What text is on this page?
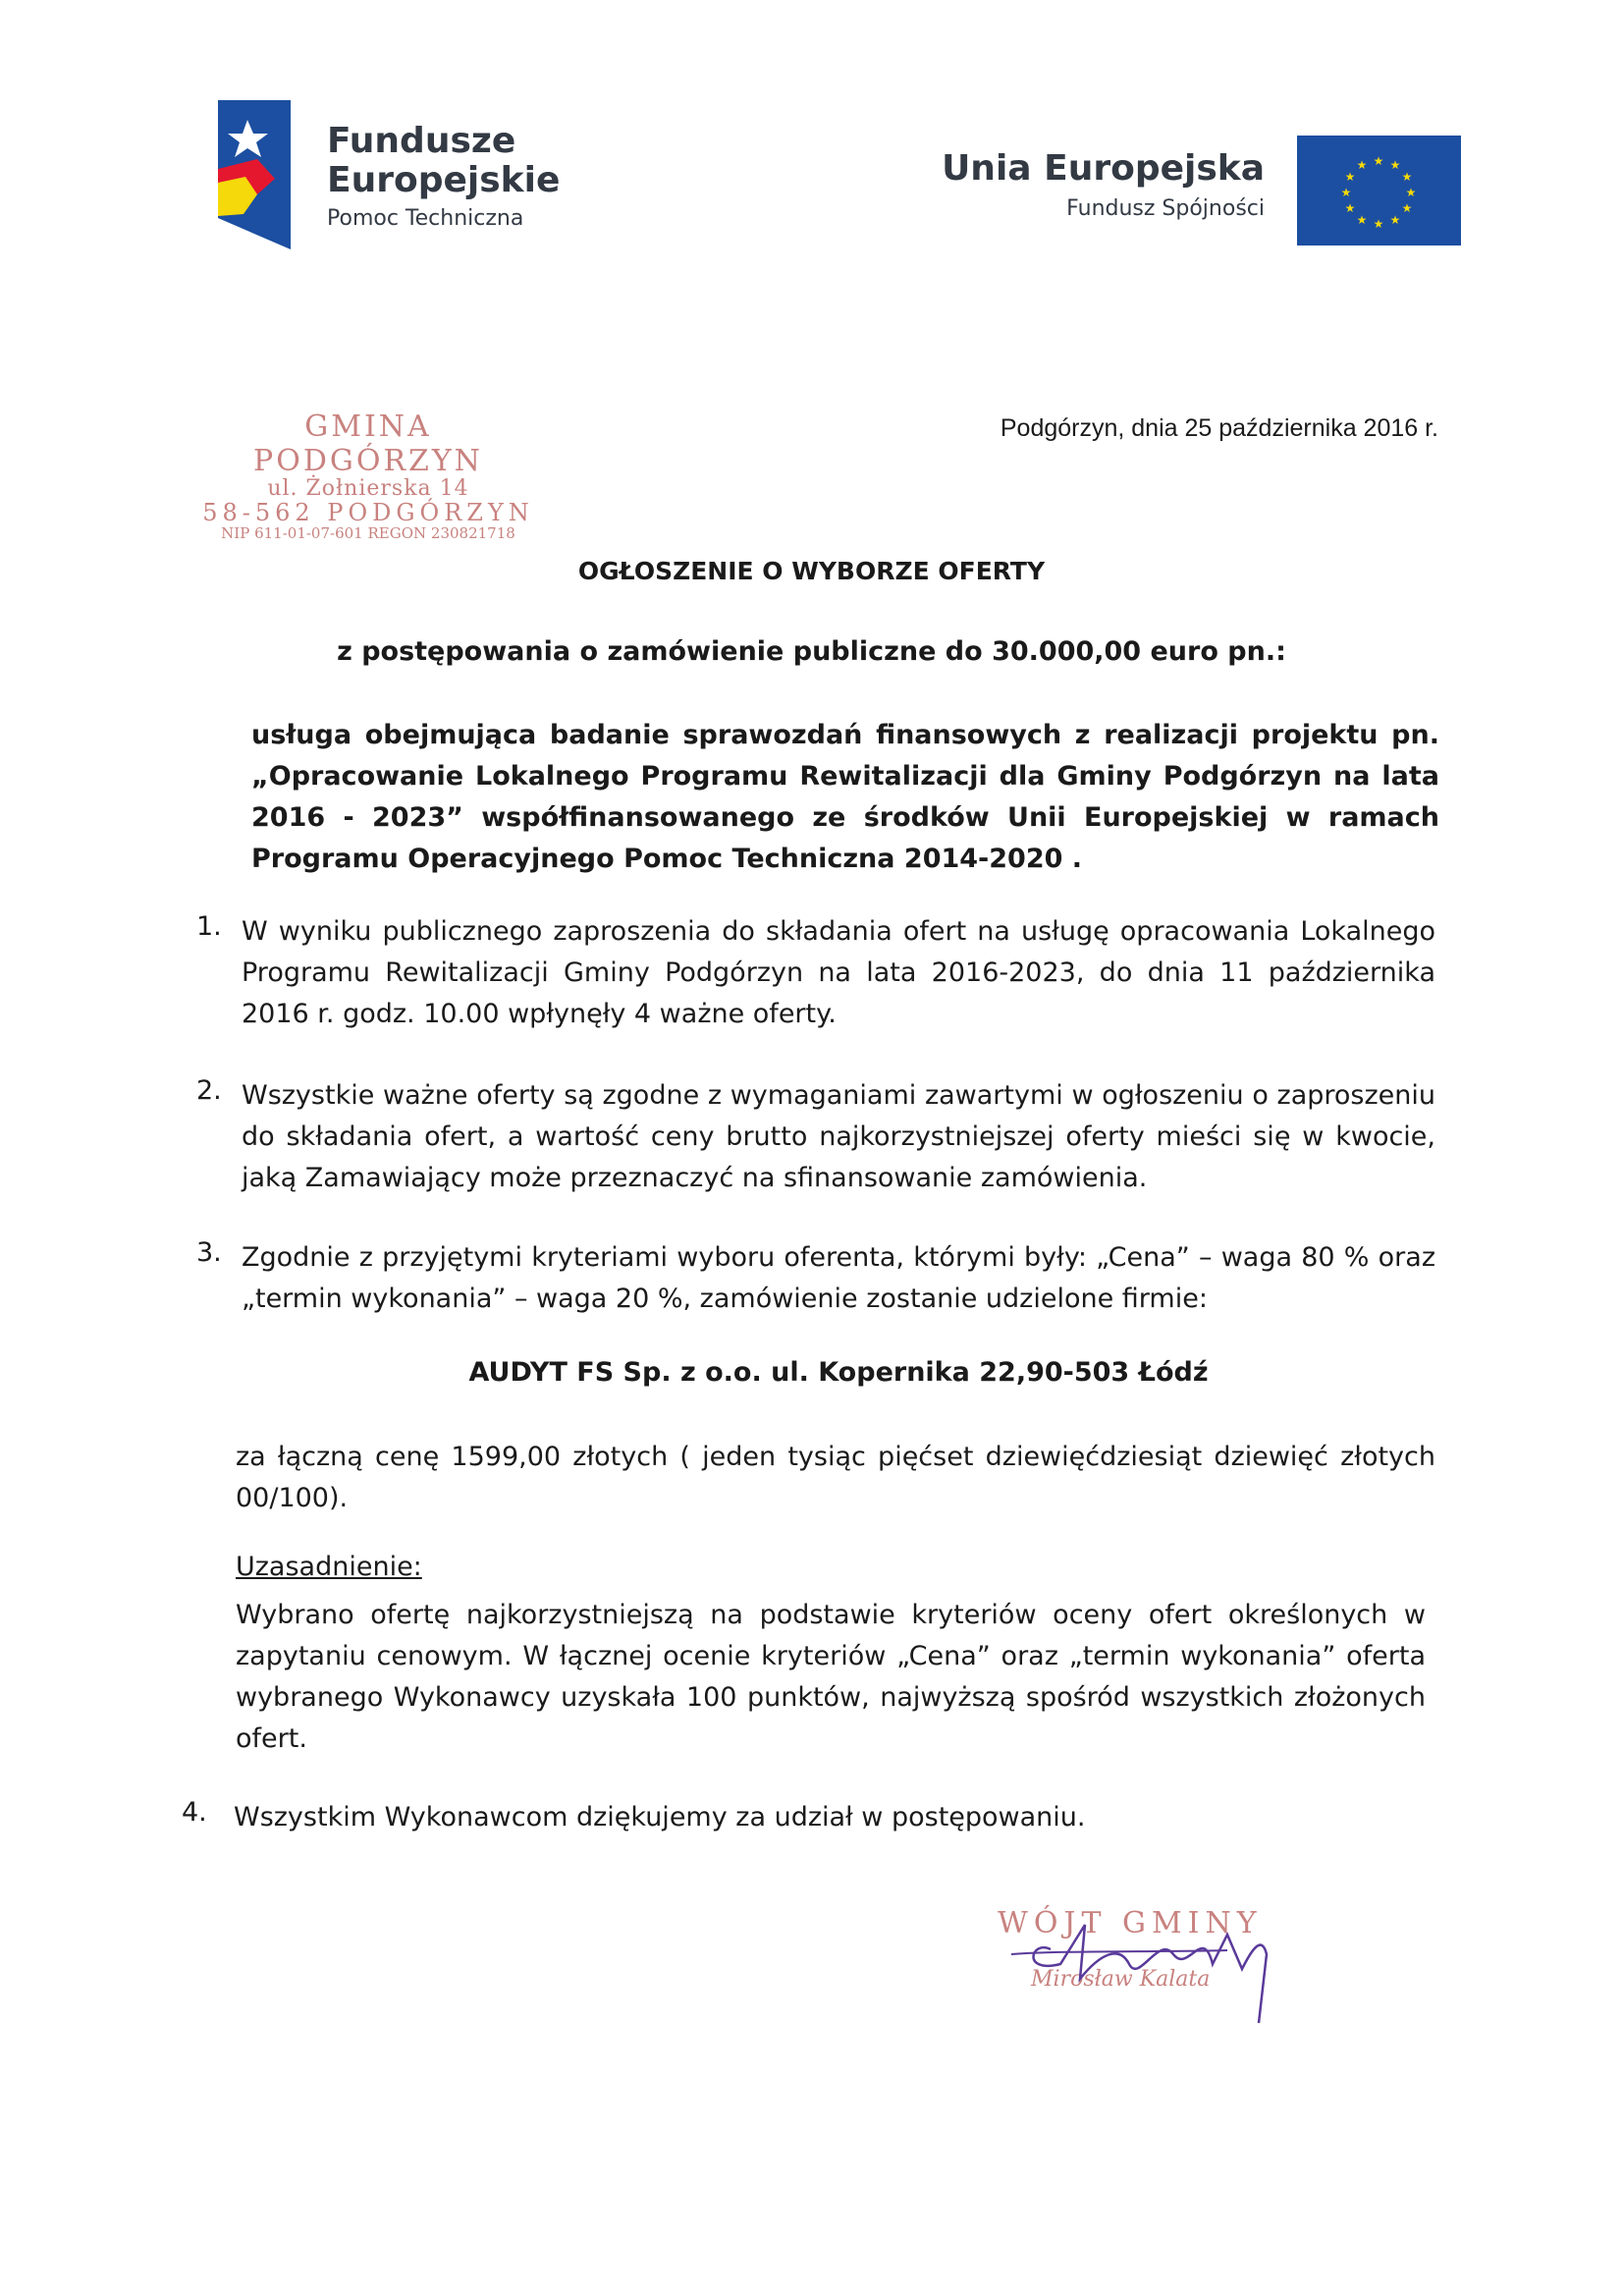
Fundusze
Europejskie
Pomoc Techniczna
Unia Europejska
Fundusz Spójności
★ ★
★
★
★
★
★
★
★
★
★
★
GMINA PODGÓRZYN
ul. Żołnierska 14
58-562 PODGÓRZYN
NIP 611-01-07-601 REGON 230821718
Podgórzyn, dnia 25 października 2016 r.
OGŁOSZENIE O WYBORZE OFERTY
z postępowania o zamówienie publiczne do 30.000,00 euro pn.:
usługa obejmująca badanie sprawozdań finansowych z realizacji projektu pn. „Opracowanie Lokalnego Programu Rewitalizacji dla Gminy Podgórzyn na lata 2016 - 2023” współfinansowanego ze środków Unii Europejskiej w ramach Programu Operacyjnego Pomoc Techniczna 2014-2020 .
1. W wyniku publicznego zaproszenia do składania ofert na usługę opracowania Lokalnego Programu Rewitalizacji Gminy Podgórzyn na lata 2016-2023, do dnia 11 października 2016 r. godz. 10.00 wpłynęły 4 ważne oferty.
2. Wszystkie ważne oferty są zgodne z wymaganiami zawartymi w ogłoszeniu o zaproszeniu do składania ofert, a wartość ceny brutto najkorzystniejszej oferty mieści się w kwocie, jaką Zamawiający może przeznaczyć na sfinansowanie zamówienia.
3. Zgodnie z przyjętymi kryteriami wyboru oferenta, którymi były: „Cena” – waga 80 % oraz „termin wykonania” – waga 20 %, zamówienie zostanie udzielone firmie:
AUDYT FS Sp. z o.o. ul. Kopernika 22,90-503 Łódź
za łączną cenę 1599,00 złotych ( jeden tysiąc pięćset dziewięćdziesiąt dziewięć złotych 00/100).
Uzasadnienie:
Wybrano ofertę najkorzystniejszą na podstawie kryteriów oceny ofert określonych w zapytaniu cenowym. W łącznej ocenie kryteriów „Cena” oraz „termin wykonania” oferta wybranego Wykonawcy uzyskała 100 punktów, najwyższą spośród wszystkich złożonych ofert.
4. Wszystkim Wykonawcom dziękujemy za udział w postępowaniu.
WÓJT GMINY
Mirosław Kalata
